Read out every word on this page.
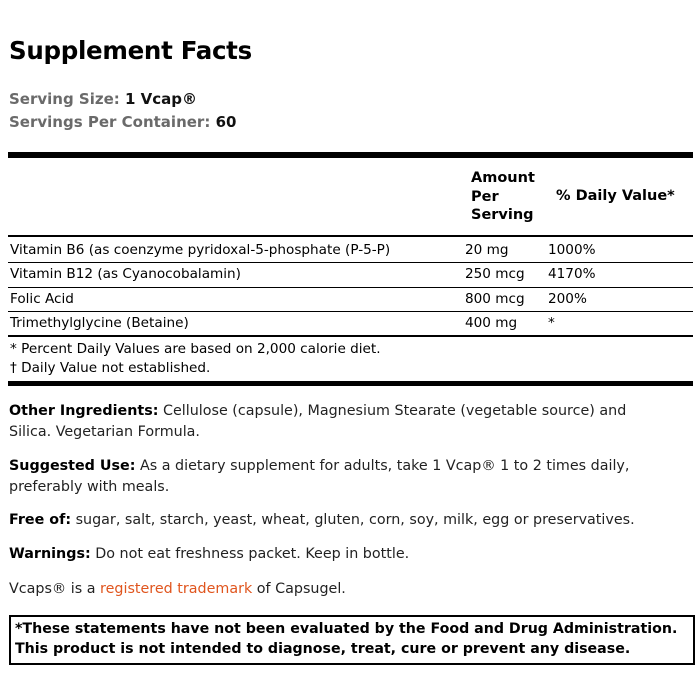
Supplement Facts
Serving Size: 1 Vcap®
Servings Per Container: 60
Amount
Per
Serving
% Daily Value*
Vitamin B6 (as coenzyme pyridoxal-5-phosphate (P-5-P)	20 mg	1000%
Vitamin B12 (as Cyanocobalamin)	250 mcg 4170%
Folic Acid	800 mcg 200%
Trimethylglycine (Betaine)	400 mg *
* Percent Daily Values are based on 2,000 calorie diet.
† Daily Value not established.
Other Ingredients: Cellulose (capsule), Magnesium Stearate (vegetable source) and
Silica. Vegetarian Formula.
Suggested Use: As a dietary supplement for adults, take 1 Vcap® 1 to 2 times daily,
preferably with meals.
Free of: sugar, salt, starch, yeast, wheat, gluten, corn, soy, milk, egg or preservatives.
Warnings: Do not eat freshness packet. Keep in bottle.
Vcaps® is a registered trademark of Capsugel.
*These statements have not been evaluated by the Food and Drug Administration.
This product is not intended to diagnose, treat, cure or prevent any disease.
